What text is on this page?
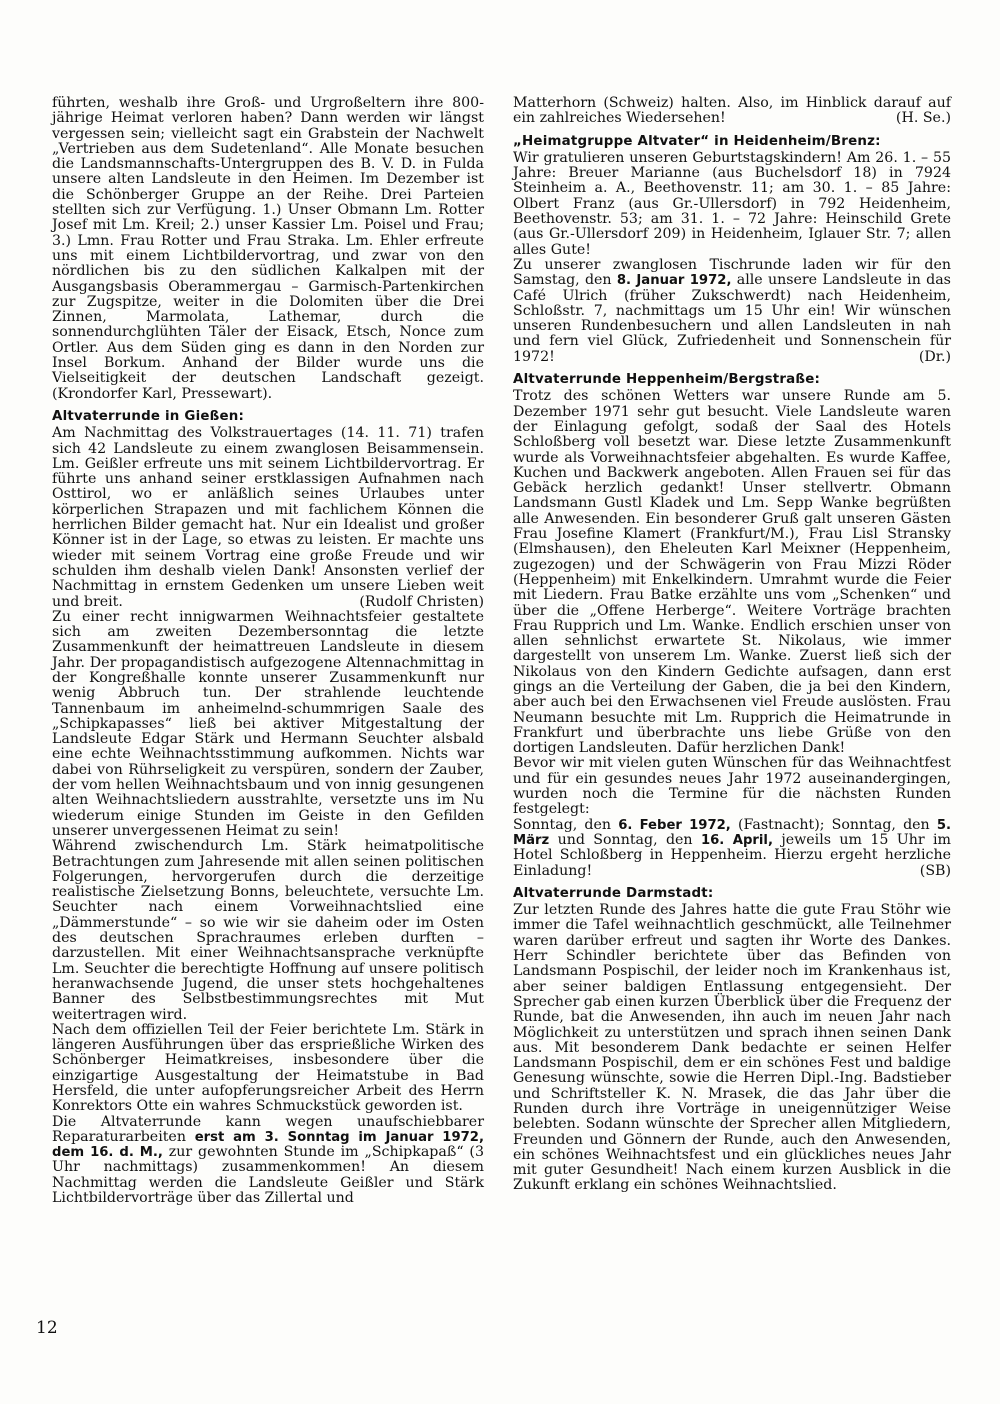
führten, weshalb ihre Groß- und Urgroßeltern ihre 800-jährige Heimat verloren haben? Dann werden wir längst vergessen sein; vielleicht sagt ein Grabstein der Nachwelt „Vertrieben aus dem Sudetenland“. Alle Monate besuchen die Landsmannschafts-Untergruppen des B. V. D. in Fulda unsere alten Landsleute in den Heimen. Im Dezember ist die Schönberger Gruppe an der Reihe. Drei Parteien stellten sich zur Verfügung. 1.) Unser Obmann Lm. Rotter Josef mit Lm. Kreil; 2.) unser Kassier Lm. Poisel und Frau; 3.) Lmn. Frau Rotter und Frau Straka. Lm. Ehler erfreute uns mit einem Lichtbildervortrag, und zwar von den nördlichen bis zu den südlichen Kalkalpen mit der Ausgangsbasis Oberammergau – Garmisch-Partenkirchen zur Zugspitze, weiter in die Dolomiten über die Drei Zinnen, Marmolata, Lathemar, durch die sonnendurchglühten Täler der Eisack, Etsch, Nonce zum Ortler. Aus dem Süden ging es dann in den Norden zur Insel Borkum. Anhand der Bilder wurde uns die Vielseitigkeit der deutschen Landschaft gezeigt. (Krondorfer Karl, Pressewart).

Altvaterrunde in Gießen:

Am Nachmittag des Volkstrauertages (14. 11. 71) trafen sich 42 Landsleute zu einem zwanglosen Beisammensein. Lm. Geißler erfreute uns mit seinem Lichtbildervortrag. Er führte uns anhand seiner erstklassigen Aufnahmen nach Osttirol, wo er anläßlich seines Urlaubes unter körperlichen Strapazen und mit fachlichem Können die herrlichen Bilder gemacht hat. Nur ein Idealist und großer Könner ist in der Lage, so etwas zu leisten. Er machte uns wieder mit seinem Vortrag eine große Freude und wir schulden ihm deshalb vielen Dank! Ansonsten verlief der Nachmittag in ernstem Gedenken um unsere Lieben weit und breit.	(Rudolf Christen)

Zu einer recht innigwarmen Weihnachtsfeier gestaltete sich am zweiten Dezembersonntag die letzte Zusammenkunft der heimattreuen Landsleute in diesem Jahr. Der propagandistisch aufgezogene Altennachmittag in der Kongreßhalle konnte unserer Zusammenkunft nur wenig Abbruch tun. Der strahlende leuchtende Tannenbaum im anheimelnd-schummrigen Saale des „Schipkapasses“ ließ bei aktiver Mitgestaltung der Landsleute Edgar Stärk und Hermann Seuchter alsbald eine echte Weihnachtsstimmung aufkommen. Nichts war dabei von Rührseligkeit zu verspüren, sondern der Zauber, der vom hellen Weihnachtsbaum und von innig gesungenen alten Weihnachtsliedern ausstrahlte, versetzte uns im Nu wiederum einige Stunden im Geiste in den Gefilden unserer unvergessenen Heimat zu sein!

Während zwischendurch Lm. Stärk heimatpolitische Betrachtungen zum Jahresende mit allen seinen politischen Folgerungen, hervorgerufen durch die derzeitige realistische Zielsetzung Bonns, beleuchtete, versuchte Lm. Seuchter nach einem Vorweihnachtslied eine „Dämmerstunde“ – so wie wir sie daheim oder im Osten des deutschen Sprachraumes erleben durften – darzustellen. Mit einer Weihnachtsansprache verknüpfte Lm. Seuchter die berechtigte Hoffnung auf unsere politisch heranwachsende Jugend, die unser stets hochgehaltenes Banner des Selbstbestimmungsrechtes mit Mut weitertragen wird.

Nach dem offiziellen Teil der Feier berichtete Lm. Stärk in längeren Ausführungen über das ersprießliche Wirken des Schönberger Heimatkreises, insbesondere über die einzigartige Ausgestaltung der Heimatstube in Bad Hersfeld, die unter aufopferungsreicher Arbeit des Herrn Konrektors Otte ein wahres Schmuckstück geworden ist.

Die Altvaterrunde kann wegen unaufschiebbarer Reparaturarbeiten erst am 3. Sonntag im Januar 1972, dem 16. d. M., zur gewohnten Stunde im „Schipkapaß“ (3 Uhr nachmittags) zusammenkommen! An diesem Nachmittag werden die Landsleute Geißler und Stärk Lichtbildervorträge über das Zillertal und

Matterhorn (Schweiz) halten. Also, im Hinblick darauf auf ein zahlreiches Wiedersehen!	(H. Se.)

„Heimatgruppe Altvater“ in Heidenheim/Brenz:

Wir gratulieren unseren Geburtstagskindern! Am 26. 1. – 55 Jahre: Breuer Marianne (aus Buchelsdorf 18) in 7924 Steinheim a. A., Beethovenstr. 11; am 30. 1. – 85 Jahre: Olbert Franz (aus Gr.-Ullersdorf) in 792 Heidenheim, Beethovenstr. 53; am 31. 1. – 72 Jahre: Heinschild Grete (aus Gr.-Ullersdorf 209) in Heidenheim, Iglauer Str. 7; allen alles Gute!

Zu unserer zwanglosen Tischrunde laden wir für den Samstag, den 8. Januar 1972, alle unsere Landsleute in das Café Ulrich (früher Zukschwerdt) nach Heidenheim, Schloßstr. 7, nachmittags um 15 Uhr ein! Wir wünschen unseren Rundenbesuchern und allen Landsleuten in nah und fern viel Glück, Zufriedenheit und Sonnenschein für 1972!	(Dr.)

Altvaterrunde Heppenheim/Bergstraße:

Trotz des schönen Wetters war unsere Runde am 5. Dezember 1971 sehr gut besucht. Viele Landsleute waren der Einlagung gefolgt, sodaß der Saal des Hotels Schloßberg voll besetzt war. Diese letzte Zusammenkunft wurde als Vorweihnachtsfeier abgehalten. Es wurde Kaffee, Kuchen und Backwerk angeboten. Allen Frauen sei für das Gebäck herzlich gedankt! Unser stellvertr. Obmann Landsmann Gustl Kladek und Lm. Sepp Wanke begrüßten alle Anwesenden. Ein besonderer Gruß galt unseren Gästen Frau Josefine Klamert (Frankfurt/M.), Frau Lisl Stransky (Elmshausen), den Eheleuten Karl Meixner (Heppenheim, zugezogen) und der Schwägerin von Frau Mizzi Röder (Heppenheim) mit Enkelkindern. Umrahmt wurde die Feier mit Liedern. Frau Batke erzählte uns vom „Schenken“ und über die „Offene Herberge“. Weitere Vorträge brachten Frau Rupprich und Lm. Wanke. Endlich erschien unser von allen sehnlichst erwartete St. Nikolaus, wie immer dargestellt von unserem Lm. Wanke. Zuerst ließ sich der Nikolaus von den Kindern Gedichte aufsagen, dann erst gings an die Verteilung der Gaben, die ja bei den Kindern, aber auch bei den Erwachsenen viel Freude auslösten. Frau Neumann besuchte mit Lm. Rupprich die Heimatrunde in Frankfurt und überbrachte uns liebe Grüße von den dortigen Landsleuten. Dafür herzlichen Dank!

Bevor wir mit vielen guten Wünschen für das Weihnachtfest und für ein gesundes neues Jahr 1972 auseinandergingen, wurden noch die Termine für die nächsten Runden festgelegt:

Sonntag, den 6. Feber 1972, (Fastnacht); Sonntag, den 5. März und Sonntag, den 16. April, jeweils um 15 Uhr im Hotel Schloßberg in Heppenheim. Hierzu ergeht herzliche Einladung!	(SB)

Altvaterrunde Darmstadt:

Zur letzten Runde des Jahres hatte die gute Frau Stöhr wie immer die Tafel weihnachtlich geschmückt, alle Teilnehmer waren darüber erfreut und sagten ihr Worte des Dankes. Herr Schindler berichtete über das Befinden von Landsmann Pospischil, der leider noch im Krankenhaus ist, aber seiner baldigen Entlassung entgegensieht. Der Sprecher gab einen kurzen Überblick über die Frequenz der Runde, bat die Anwesenden, ihn auch im neuen Jahr nach Möglichkeit zu unterstützen und sprach ihnen seinen Dank aus. Mit besonderem Dank bedachte er seinen Helfer Landsmann Pospischil, dem er ein schönes Fest und baldige Genesung wünschte, sowie die Herren Dipl.-Ing. Badstieber und Schriftsteller K. N. Mrasek, die das Jahr über die Runden durch ihre Vorträge in uneigennütziger Weise belebten. Sodann wünschte der Sprecher allen Mitgliedern, Freunden und Gönnern der Runde, auch den Anwesenden, ein schönes Weihnachtsfest und ein glückliches neues Jahr mit guter Gesundheit! Nach einem kurzen Ausblick in die Zukunft erklang ein schönes Weihnachtslied.

12
